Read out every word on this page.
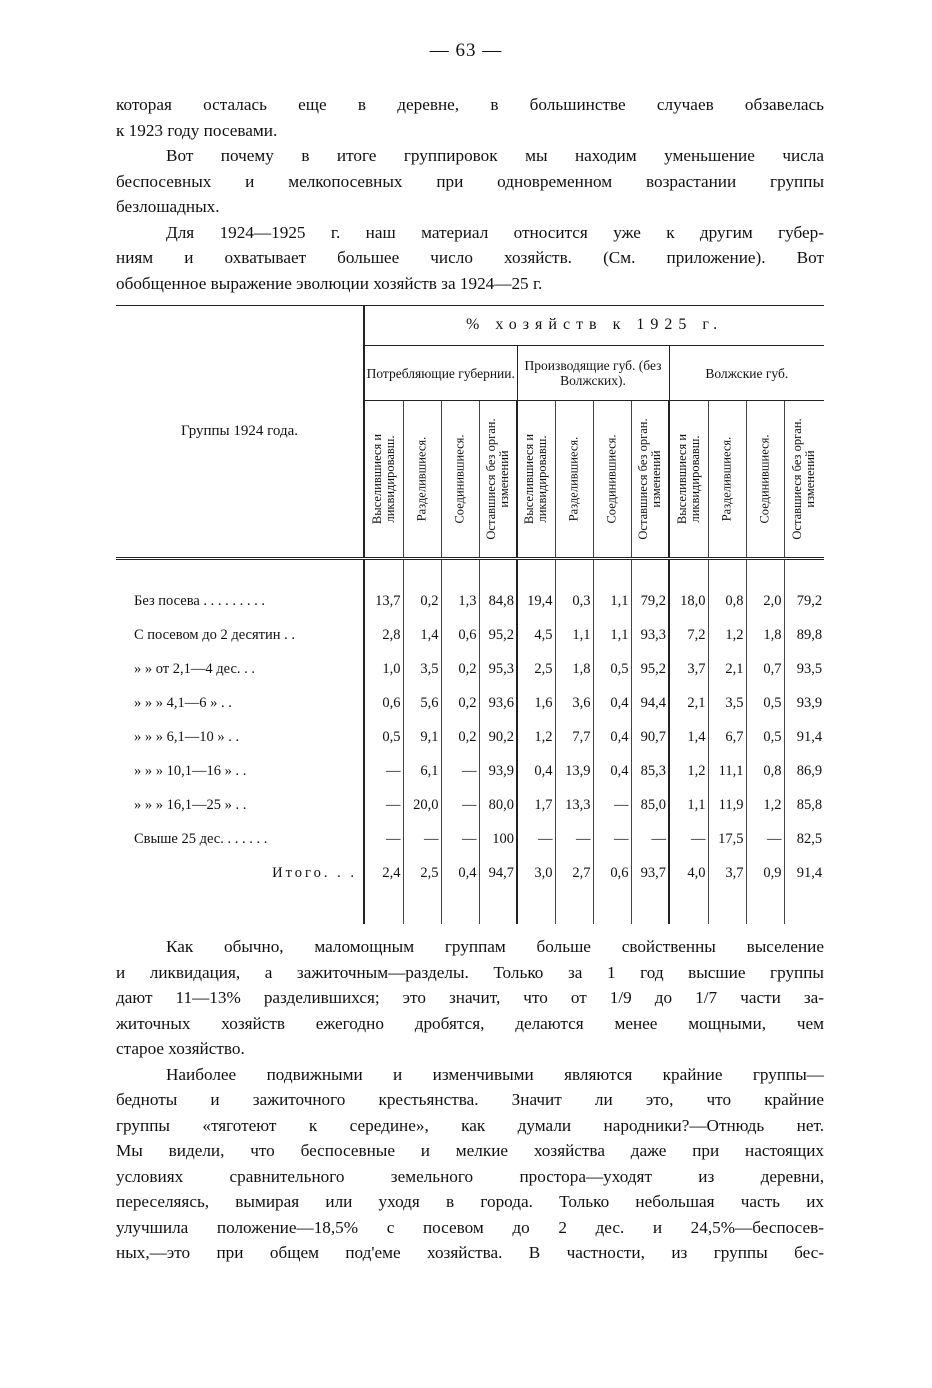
— 63 —

которая осталась еще в деревне, в большинстве случаев обзавелась
к 1923 году посевами.

Вот почему в итоге группировок мы находим уменьшение числа
беспосевных и мелкопосевных при одновременном возрастании группы
безлошадных.

Для 1924—1925 г. наш материал относится уже к другим губер-
ниям и охватывает большее число хозяйств. (См. приложение). Вот
обобщенное выражение эволюции хозяйств за 1924—25 г.

Группы 1924 года.	% хозяйств к 1925 г.											
	Потребляющие губернии.				Производящие губ. (без Волжских).				Волжские губ.			

	Выселившиеся и ликвидировавш.	Разделившиеся.	Соединившиеся.	Оставшиеся без орган. изменений	Выселившиеся и ликвидировавш.	Разделившиеся.	Соединившиеся.	Оставшиеся без орган. изменений	Выселившиеся и ликвидировавш.	Разделившиеся.	Соединившиеся.	Оставшиеся без орган. изменений

Без посева . . . . . . . . .	13,7	0,2	1,3	84,8	19,4	0,3	1,1	79,2	18,0	0,8	2,0	79,2
С посевом до 2 десятин . .	2,8	1,4	0,6	95,2	4,5	1,1	1,1	93,3	7,2	1,2	1,8	89,8
» » от 2,1—4 дес. . .	1,0	3,5	0,2	95,3	2,5	1,8	0,5	95,2	3,7	2,1	0,7	93,5
» » » 4,1—6 » . .	0,6	5,6	0,2	93,6	1,6	3,6	0,4	94,4	2,1	3,5	0,5	93,9
» » » 6,1—10 » . .	0,5	9,1	0,2	90,2	1,2	7,7	0,4	90,7	1,4	6,7	0,5	91,4
» » » 10,1—16 » . .	—	6,1	—	93,9	0,4	13,9	0,4	85,3	1,2	11,1	0,8	86,9
» » » 16,1—25 » . .	—	20,0	—	80,0	1,7	13,3	—	85,0	1,1	11,9	1,2	85,8
Свыше 25 дес. . . . . . .	—	—	—	100	—	—	—	—	—	17,5	—	82,5
Итого. . .	2,4	2,5	0,4	94,7	3,0	2,7	0,6	93,7	4,0	3,7	0,9	91,4

Как обычно, маломощным группам больше свойственны выселение
и ликвидация, а зажиточным—разделы. Только за 1 год высшие группы
дают 11—13% разделившихся; это значит, что от 1/9 до 1/7 части за-
житочных хозяйств ежегодно дробятся, делаются менее мощными, чем
старое хозяйство.

Наиболее подвижными и изменчивыми являются крайние группы—
бедноты и зажиточного крестьянства. Значит ли это, что крайние
группы «тяготеют к середине», как думали народники?—Отнюдь нет.
Мы видели, что беспосевные и мелкие хозяйства даже при настоящих
условиях сравнительного земельного простора—уходят из деревни,
переселяясь, вымирая или уходя в города. Только небольшая часть их
улучшила положение—18,5% с посевом до 2 дес. и 24,5%—беспосев-
ных,—это при общем под'еме хозяйства. В частности, из группы бес-
